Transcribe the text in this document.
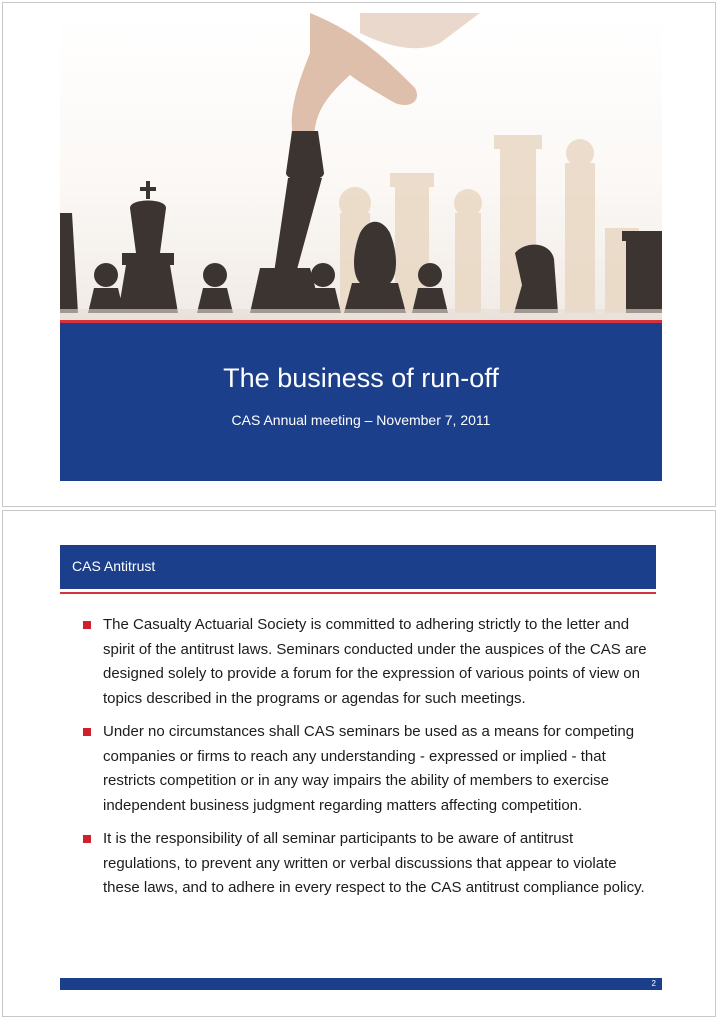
The business of run-off
CAS Annual meeting – November 7, 2011
CAS Antitrust
The Casualty Actuarial Society is committed to adhering strictly to the letter and spirit of the antitrust laws. Seminars conducted under the auspices of the CAS are designed solely to provide a forum for the expression of various points of view on topics described in the programs or agendas for such meetings.
Under no circumstances shall CAS seminars be used as a means for competing companies or firms to reach any understanding - expressed or implied - that restricts competition or in any way impairs the ability of members to exercise independent business judgment regarding matters affecting competition.
It is the responsibility of all seminar participants to be aware of antitrust regulations, to prevent any written or verbal discussions that appear to violate these laws, and to adhere in every respect to the CAS antitrust compliance policy.
2
